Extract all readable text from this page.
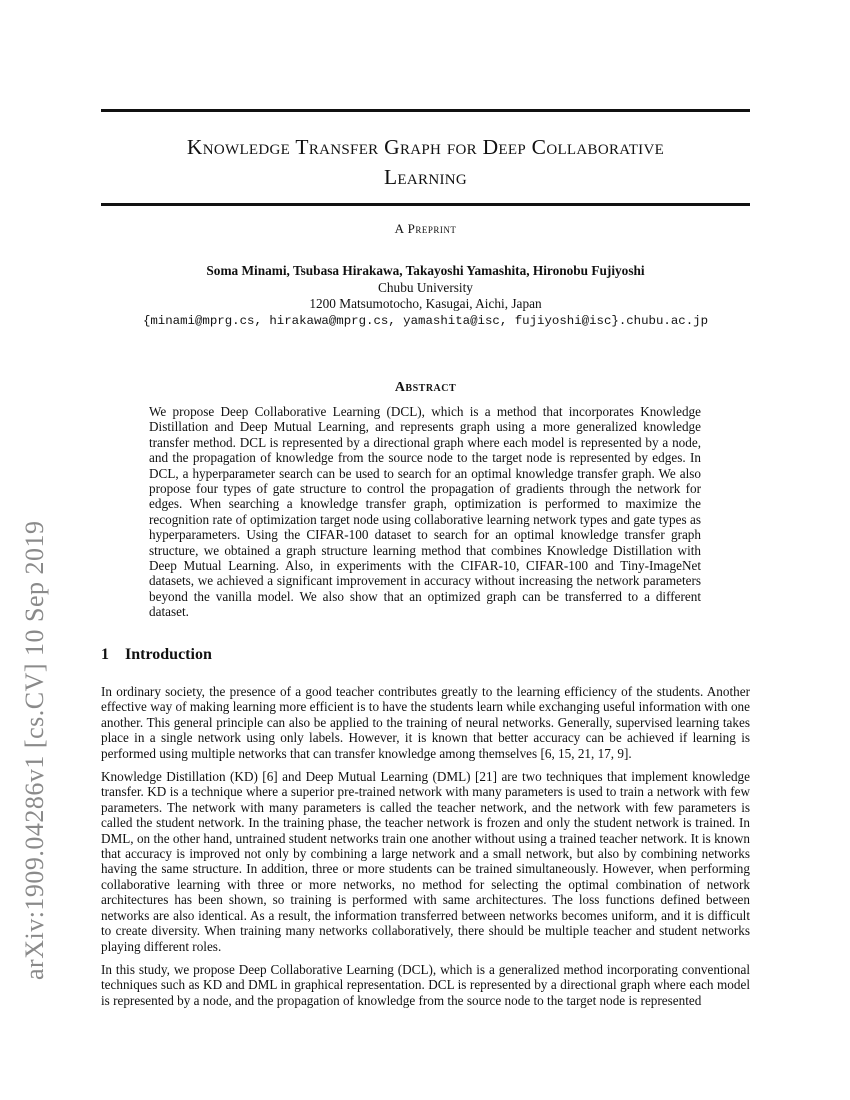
arXiv:1909.04286v1 [cs.CV] 10 Sep 2019
Knowledge Transfer Graph for Deep Collaborative
Learning
A Preprint
Soma Minami, Tsubasa Hirakawa, Takayoshi Yamashita, Hironobu Fujiyoshi
Chubu University
1200 Matsumotocho, Kasugai, Aichi, Japan
{minami@mprg.cs, hirakawa@mprg.cs, yamashita@isc, fujiyoshi@isc}.chubu.ac.jp
Abstract
We propose Deep Collaborative Learning (DCL), which is a method that incorporates Knowledge Distillation and Deep Mutual Learning, and represents graph using a more generalized knowledge transfer method. DCL is represented by a directional graph where each model is represented by a node, and the propagation of knowledge from the source node to the target node is represented by edges. In DCL, a hyperparameter search can be used to search for an optimal knowledge transfer graph. We also propose four types of gate structure to control the propagation of gradients through the network for edges. When searching a knowledge transfer graph, optimization is performed to maximize the recognition rate of optimization target node using collaborative learning network types and gate types as hyperparameters. Using the CIFAR-100 dataset to search for an optimal knowledge transfer graph structure, we obtained a graph structure learning method that combines Knowledge Distillation with Deep Mutual Learning. Also, in experiments with the CIFAR-10, CIFAR-100 and Tiny-ImageNet datasets, we achieved a significant improvement in accuracy without increasing the network parameters beyond the vanilla model. We also show that an optimized graph can be transferred to a different dataset.
1 Introduction

In ordinary society, the presence of a good teacher contributes greatly to the learning efficiency of the students. Another effective way of making learning more efficient is to have the students learn while exchanging useful information with one another. This general principle can also be applied to the training of neural networks. Generally, supervised learning takes place in a single network using only labels. However, it is known that better accuracy can be achieved if learning is performed using multiple networks that can transfer knowledge among themselves [6, 15, 21, 17, 9].

Knowledge Distillation (KD) [6] and Deep Mutual Learning (DML) [21] are two techniques that implement knowledge transfer. KD is a technique where a superior pre-trained network with many parameters is used to train a network with few parameters. The network with many parameters is called the teacher network, and the network with few parameters is called the student network. In the training phase, the teacher network is frozen and only the student network is trained. In DML, on the other hand, untrained student networks train one another without using a trained teacher network. It is known that accuracy is improved not only by combining a large network and a small network, but also by combining networks having the same structure. In addition, three or more students can be trained simultaneously. However, when performing collaborative learning with three or more networks, no method for selecting the optimal combination of network architectures has been shown, so training is performed with same architectures. The loss functions defined between networks are also identical. As a result, the information transferred between networks becomes uniform, and it is difficult to create diversity. When training many networks collaboratively, there should be multiple teacher and student networks playing different roles.

In this study, we propose Deep Collaborative Learning (DCL), which is a generalized method incorporating conventional techniques such as KD and DML in graphical representation. DCL is represented by a directional graph where each model is represented by a node, and the propagation of knowledge from the source node to the target node is represented
